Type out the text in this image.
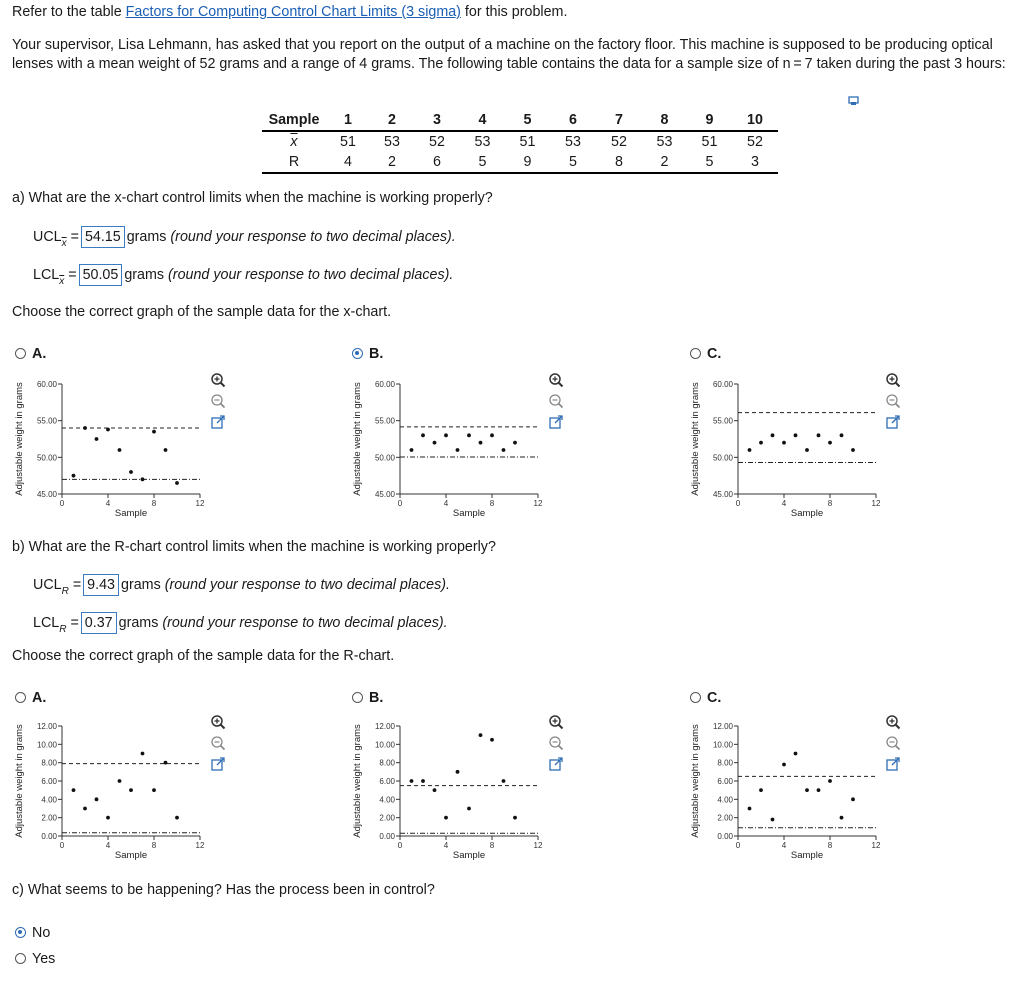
Refer to the table Factors for Computing Control Chart Limits (3 sigma) for this problem.
Your supervisor, Lisa Lehmann, has asked that you report on the output of a machine on the factory floor. This machine is supposed to be producing optical lenses with a mean weight of 52 grams and a range of 4 grams. The following table contains the data for a sample size of n = 7 taken during the past 3 hours:
Sample	1	2	3	4	5	6	7	8	9	10
$\overline{x}$	51	53	52	53	51	53	52	53	51	52
R	4	2	6	5	9	5	8	2	5	3
a) What are the x-chart control limits when the machine is working properly?
$UCL_{\overline{x}} = 54.15$ grams (round your response to two decimal places).
$LCL_{\overline{x}} = 50.05$ grams (round your response to two decimal places).
Choose the correct graph of the sample data for the x-chart.
A.	B.	C.
b) What are the R-chart control limits when the machine is working properly?
$UCL_R = 9.43$ grams (round your response to two decimal places).
$LCL_R = 0.37$ grams (round your response to two decimal places).
Choose the correct graph of the sample data for the R-chart.
A.	B.	C.
c) What seems to be happening? Has the process been in control?
No
Yes
Adjustable weight in grams 45.00
50.00
55.00
60.00
0	4	8	12
Sample
Adjustable weight in grams 45.00
50.00
55.00
60.00
0	4	8	12
Sample
Adjustable weight in grams 45.00
50.00
55.00
60.00
0	4	8	12
Sample
Adjustable weight in grams 0.00
2.00
4.00
6.00
8.00
10.00
12.00
0	4	8	12
Sample
Adjustable weight in grams 0.00
2.00
4.00
6.00
8.00
10.00
12.00
0	4	8	12
Sample
Adjustable weight in grams 0.00
2.00
4.00
6.00
8.00
10.00
12.00
0	4	8	12
Sample
